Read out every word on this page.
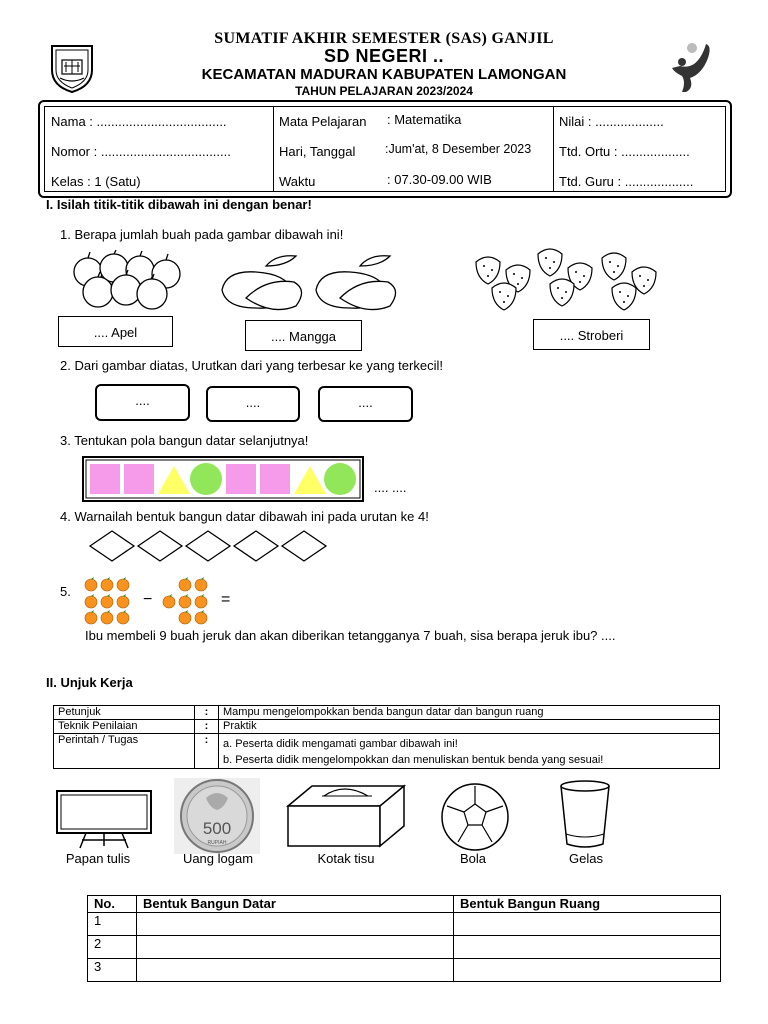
SUMATIF AKHIR SEMESTER (SAS) GANJIL
SD NEGERI ..
KECAMATAN MADURAN KABUPATEN LAMONGAN
TAHUN PELAJARAN 2023/2024
Nama : ....................................
Nomor : ....................................
Kelas : 1 (Satu)
Mata Pelajaran : Matematika
Hari, Tanggal :Jum'at, 8 Desember 2023
Waktu	: 07.30-09.00 WIB
Nilai : ...................
Ttd. Ortu : ...................
Ttd. Guru : ...................
I. Isilah titik-titik dibawah ini dengan benar!
1. Berapa jumlah buah pada gambar dibawah ini!
.... Apel	.... Mangga	.... Stroberi
2. Dari gambar diatas, Urutkan dari yang terbesar ke yang terkecil!
....	....	....
3. Tentukan pola bangun datar selanjutnya!
.... ....
4. Warnailah bentuk bangun datar dibawah ini pada urutan ke 4!
5.	−	=
Ibu membeli 9 buah jeruk dan akan diberikan tetangganya 7 buah, sisa berapa jeruk ibu? ....
II. Unjuk Kerja
Petunjuk	:	Mampu mengelompokkan benda bangun datar dan bangun ruang
Teknik Penilaian	:	Praktik
Perintah / Tugas	:	a. Peserta didik mengamati gambar dibawah ini!
b. Peserta didik mengelompokkan dan menuliskan bentuk benda yang sesuai!
500
RUPIAH
Papan tulis	Uang logam	Kotak tisu	Bola	Gelas
No.	Bentuk Bangun Datar	Bentuk Bangun Ruang
1		
2		
3		
